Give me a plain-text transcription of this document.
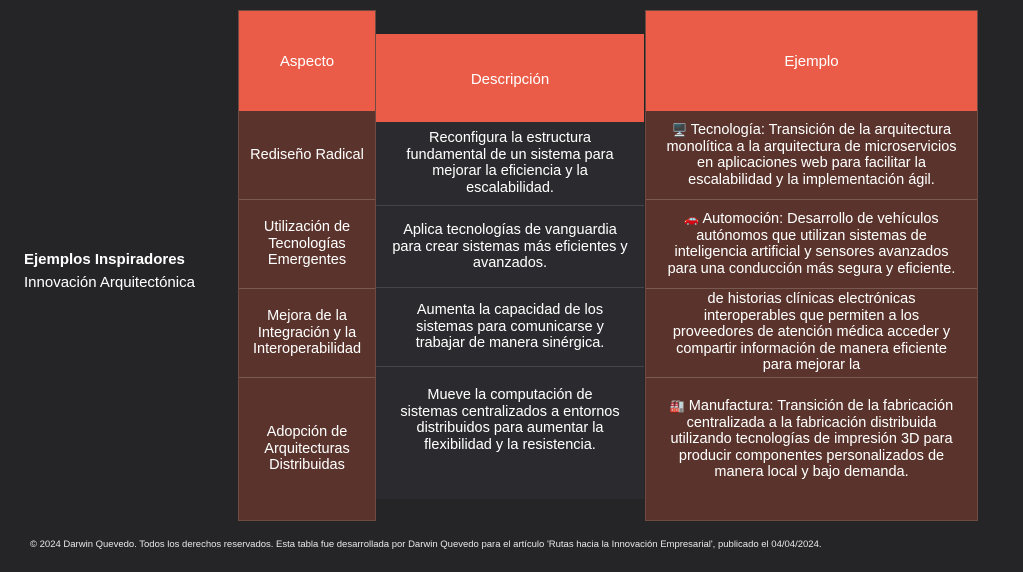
Ejemplos Inspiradores
Innovación Arquitectónica
Aspecto
Rediseño Radical
Utilización de Tecnologías Emergentes
Mejora de la Integración y la Interoperabilidad
Adopción de Arquitecturas Distribuidas
Descripción
Reconfigura la estructura fundamental de un sistema para mejorar la eficiencia y la escalabilidad.
Aplica tecnologías de vanguardia para crear sistemas más eficientes y avanzados.
Aumenta la capacidad de los sistemas para comunicarse y trabajar de manera sinérgica.
Mueve la computación de sistemas centralizados a entornos distribuidos para aumentar la flexibilidad y la resistencia.
Ejemplo
🖥️ Tecnología: Transición de la arquitectura monolítica a la arquitectura de microservicios en aplicaciones web para facilitar la escalabilidad y la implementación ágil.
🚗 Automoción: Desarrollo de vehículos autónomos que utilizan sistemas de inteligencia artificial y sensores avanzados para una conducción más segura y eficiente.
de historias clínicas electrónicas interoperables que permiten a los proveedores de atención médica acceder y compartir información de manera eficiente para mejorar la
🏭 Manufactura: Transición de la fabricación centralizada a la fabricación distribuida utilizando tecnologías de impresión 3D para producir componentes personalizados de manera local y bajo demanda.
© 2024 Darwin Quevedo. Todos los derechos reservados. Esta tabla fue desarrollada por Darwin Quevedo para el artículo 'Rutas hacia la Innovación Empresarial', publicado el 04/04/2024.
